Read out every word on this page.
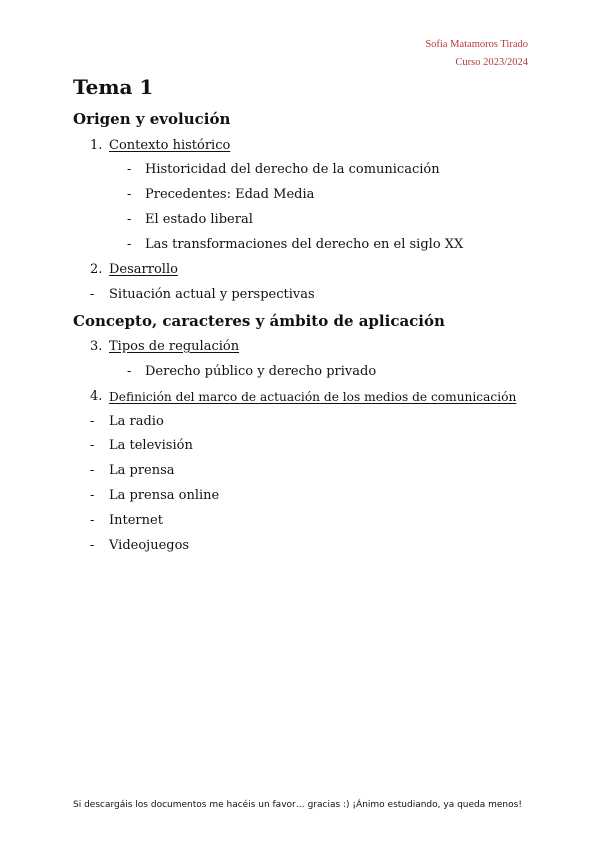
Sofia Matamoros Tirado
Curso 2023/2024
Tema 1
Origen y evolución
1. Contexto histórico
- Historicidad del derecho de la comunicación
- Precedentes: Edad Media
- El estado liberal
- Las transformaciones del derecho en el siglo XX
2. Desarrollo
- Situación actual y perspectivas
Concepto, caracteres y ámbito de aplicación
3. Tipos de regulación
- Derecho público y derecho privado
4. Definición del marco de actuación de los medios de comunicación
- La radio
- La televisión
- La prensa
- La prensa online
- Internet
- Videojuegos
Si descargáis los documentos me hacéis un favor… gracias :) ¡Ánimo estudiando, ya queda menos!
